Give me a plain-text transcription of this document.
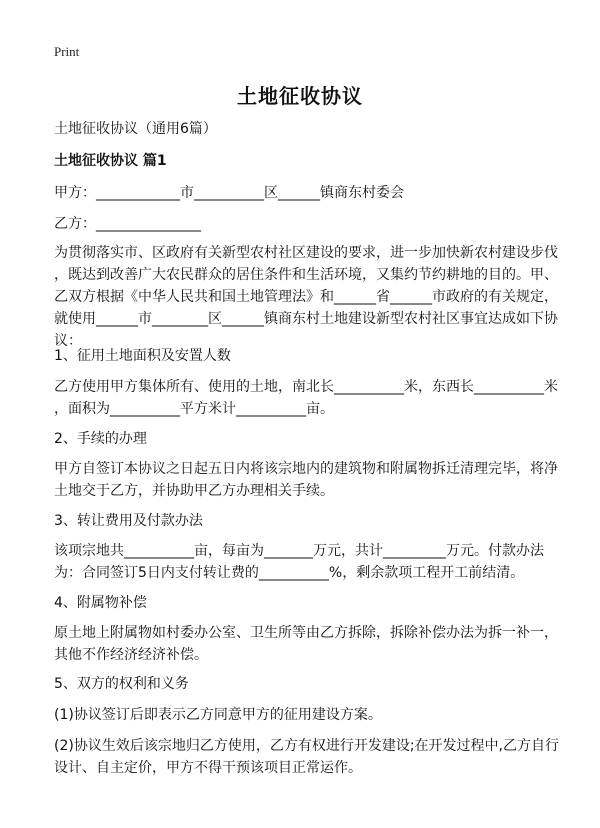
Print
土地征收协议
土地征收协议（通用6篇）
土地征收协议 篇1
甲方：____________市__________区______镇商东村委会
乙方：_______________
为贯彻落实市、区政府有关新型农村社区建设的要求，进一步加快新农村建设步伐
，既达到改善广大农民群众的居住条件和生活环境，又集约节约耕地的目的。甲、
乙双方根据《中华人民共和国土地管理法》和______省______市政府的有关规定，
就使用______市________区______镇商东村土地建设新型农村社区事宜达成如下协
议：
1、征用土地面积及安置人数
乙方使用甲方集体所有、使用的土地，南北长__________米，东西长__________米
，面积为__________平方米计__________亩。
2、手续的办理
甲方自签订本协议之日起五日内将该宗地内的建筑物和附属物拆迁清理完毕，将净
土地交于乙方，并协助甲乙方办理相关手续。
3、转让费用及付款办法
该项宗地共__________亩，每亩为_______万元，共计_________万元。付款办法
为：合同签订5日内支付转让费的__________%，剩余款项工程开工前结清。
4、附属物补偿
原土地上附属物如村委办公室、卫生所等由乙方拆除，拆除补偿办法为拆一补一，
其他不作经济经济补偿。
5、双方的权利和义务
(1)协议签订后即表示乙方同意甲方的征用建设方案。
(2)协议生效后该宗地归乙方使用，乙方有权进行开发建设;在开发过程中,乙方自行
设计、自主定价，甲方不得干预该项目正常运作。
